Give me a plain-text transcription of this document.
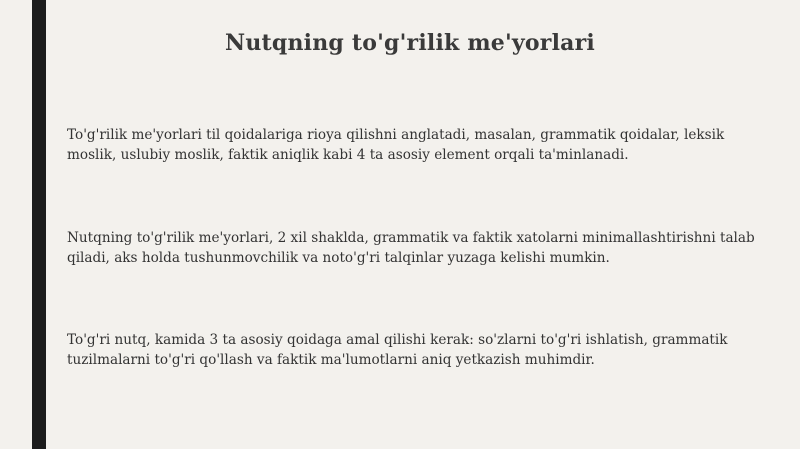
Nutqning to'g'rilik me'yorlari
To'g'rilik me'yorlari til qoidalariga rioya qilishni anglatadi, masalan, grammatik qoidalar, leksik moslik, uslubiy moslik, faktik aniqlik kabi 4 ta asosiy element orqali ta'minlanadi.
Nutqning to'g'rilik me'yorlari, 2 xil shaklda, grammatik va faktik xatolarni minimallashtirishni talab qiladi, aks holda tushunmovchilik va noto'g'ri talqinlar yuzaga kelishi mumkin.
To'g'ri nutq, kamida 3 ta asosiy qoidaga amal qilishi kerak: so'zlarni to'g'ri ishlatish, grammatik tuzilmalarni to'g'ri qo'llash va faktik ma'lumotlarni aniq yetkazish muhimdir.
